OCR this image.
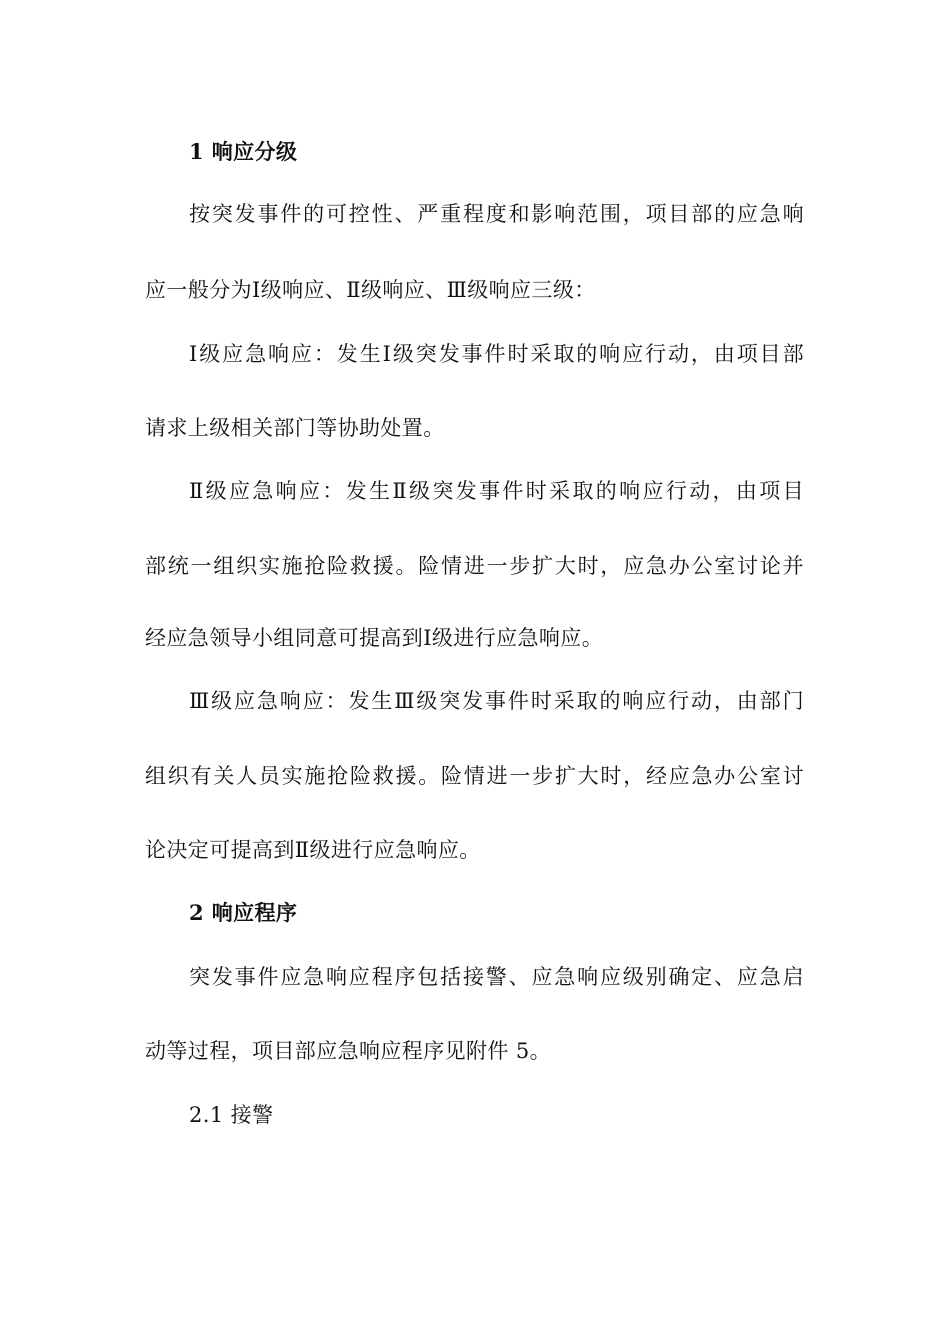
1 响应分级

按突发事件的可控性、严重程度和影响范围，项目部的应急响

应一般分为Ⅰ级响应、Ⅱ级响应、Ⅲ级响应三级：

Ⅰ级应急响应：发生Ⅰ级突发事件时采取的响应行动，由项目部

请求上级相关部门等协助处置。

Ⅱ级应急响应：发生Ⅱ级突发事件时采取的响应行动，由项目

部统一组织实施抢险救援。险情进一步扩大时，应急办公室讨论并

经应急领导小组同意可提高到Ⅰ级进行应急响应。

Ⅲ级应急响应：发生Ⅲ级突发事件时采取的响应行动，由部门

组织有关人员实施抢险救援。险情进一步扩大时，经应急办公室讨

论决定可提高到Ⅱ级进行应急响应。

2 响应程序

突发事件应急响应程序包括接警、应急响应级别确定、应急启

动等过程，项目部应急响应程序见附件 5。

2.1 接警
